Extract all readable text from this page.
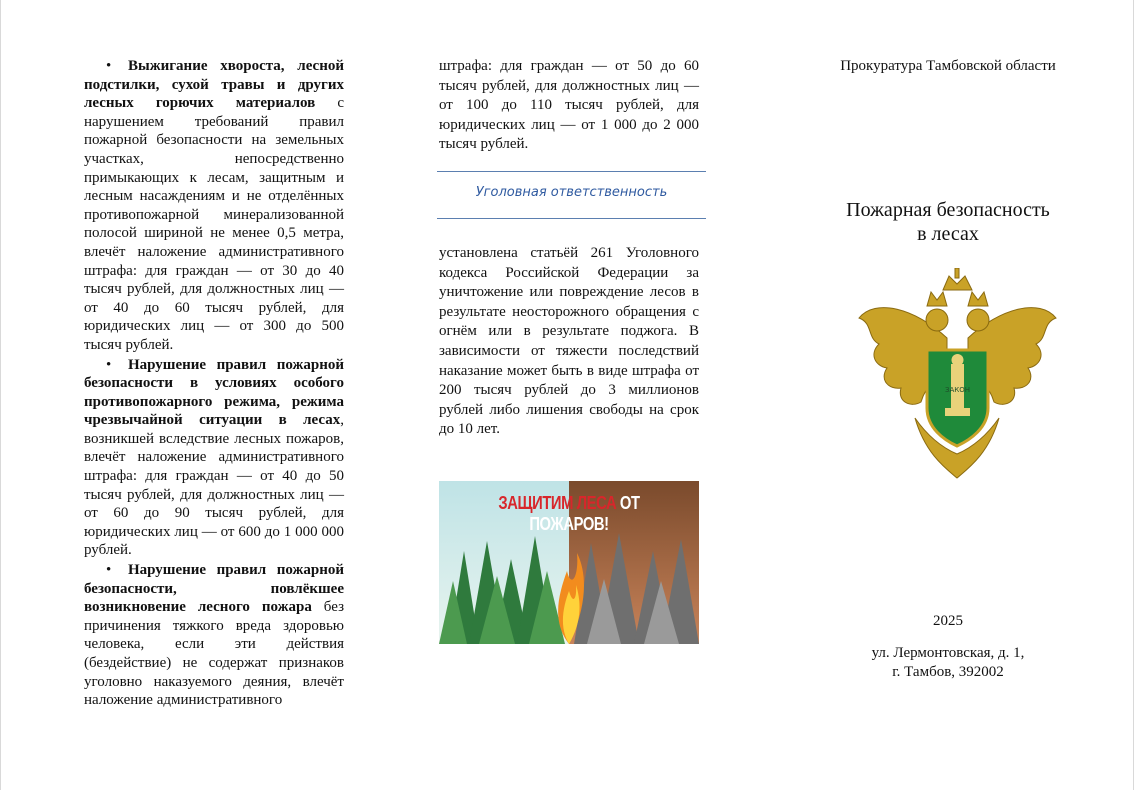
• Выжигание хвороста, лесной подстилки, сухой травы и других лесных горючих материалов с нарушением требований правил пожарной безопасности на земельных участках, непосредственно примыкающих к лесам, защитным и лесным насаждениям и не отделённых противопожарной минерализованной полосой шириной не менее 0,5 метра, влечёт наложение административного штрафа: для граждан — от 30 до 40 тысяч рублей, для должностных лиц — от 40 до 60 тысяч рублей, для юридических лиц — от 300 до 500 тысяч рублей.
• Нарушение правил пожарной безопасности в условиях особого противопожарного режима, режима чрезвычайной ситуации в лесах, возникшей вследствие лесных пожаров, влечёт наложение административного штрафа: для граждан — от 40 до 50 тысяч рублей, для должностных лиц — от 60 до 90 тысяч рублей, для юридических лиц — от 600 до 1 000 000 рублей.
• Нарушение правил пожарной безопасности, повлёкшее возникновение лесного пожара без причинения тяжкого вреда здоровью человека, если эти действия (бездействие) не содержат признаков уголовно наказуемого деяния, влечёт наложение административного

штрафа: для граждан — от 50 до 60 тысяч рублей, для должностных лиц — от 100 до 110 тысяч рублей, для юридических лиц — от 1 000 до 2 000 тысяч рублей.

Уголовная ответственность
установлена статьёй 261 Уголовного кодекса Российской Федерации за уничтожение или повреждение лесов в результате неосторожного обращения с огнём или в результате поджога. В зависимости от тяжести последствий наказание может быть в виде штрафа от 200 тысяч рублей до 3 миллионов рублей либо лишения свободы на срок до 10 лет.
ЗАЩИТИМ ЛЕСА ОТ ПОЖАРОВ!
Прокуратура Тамбовской области
Пожарная безопасность
в лесах
ЗАКОН
2025
ул. Лермонтовская, д. 1,
г. Тамбов, 392002
